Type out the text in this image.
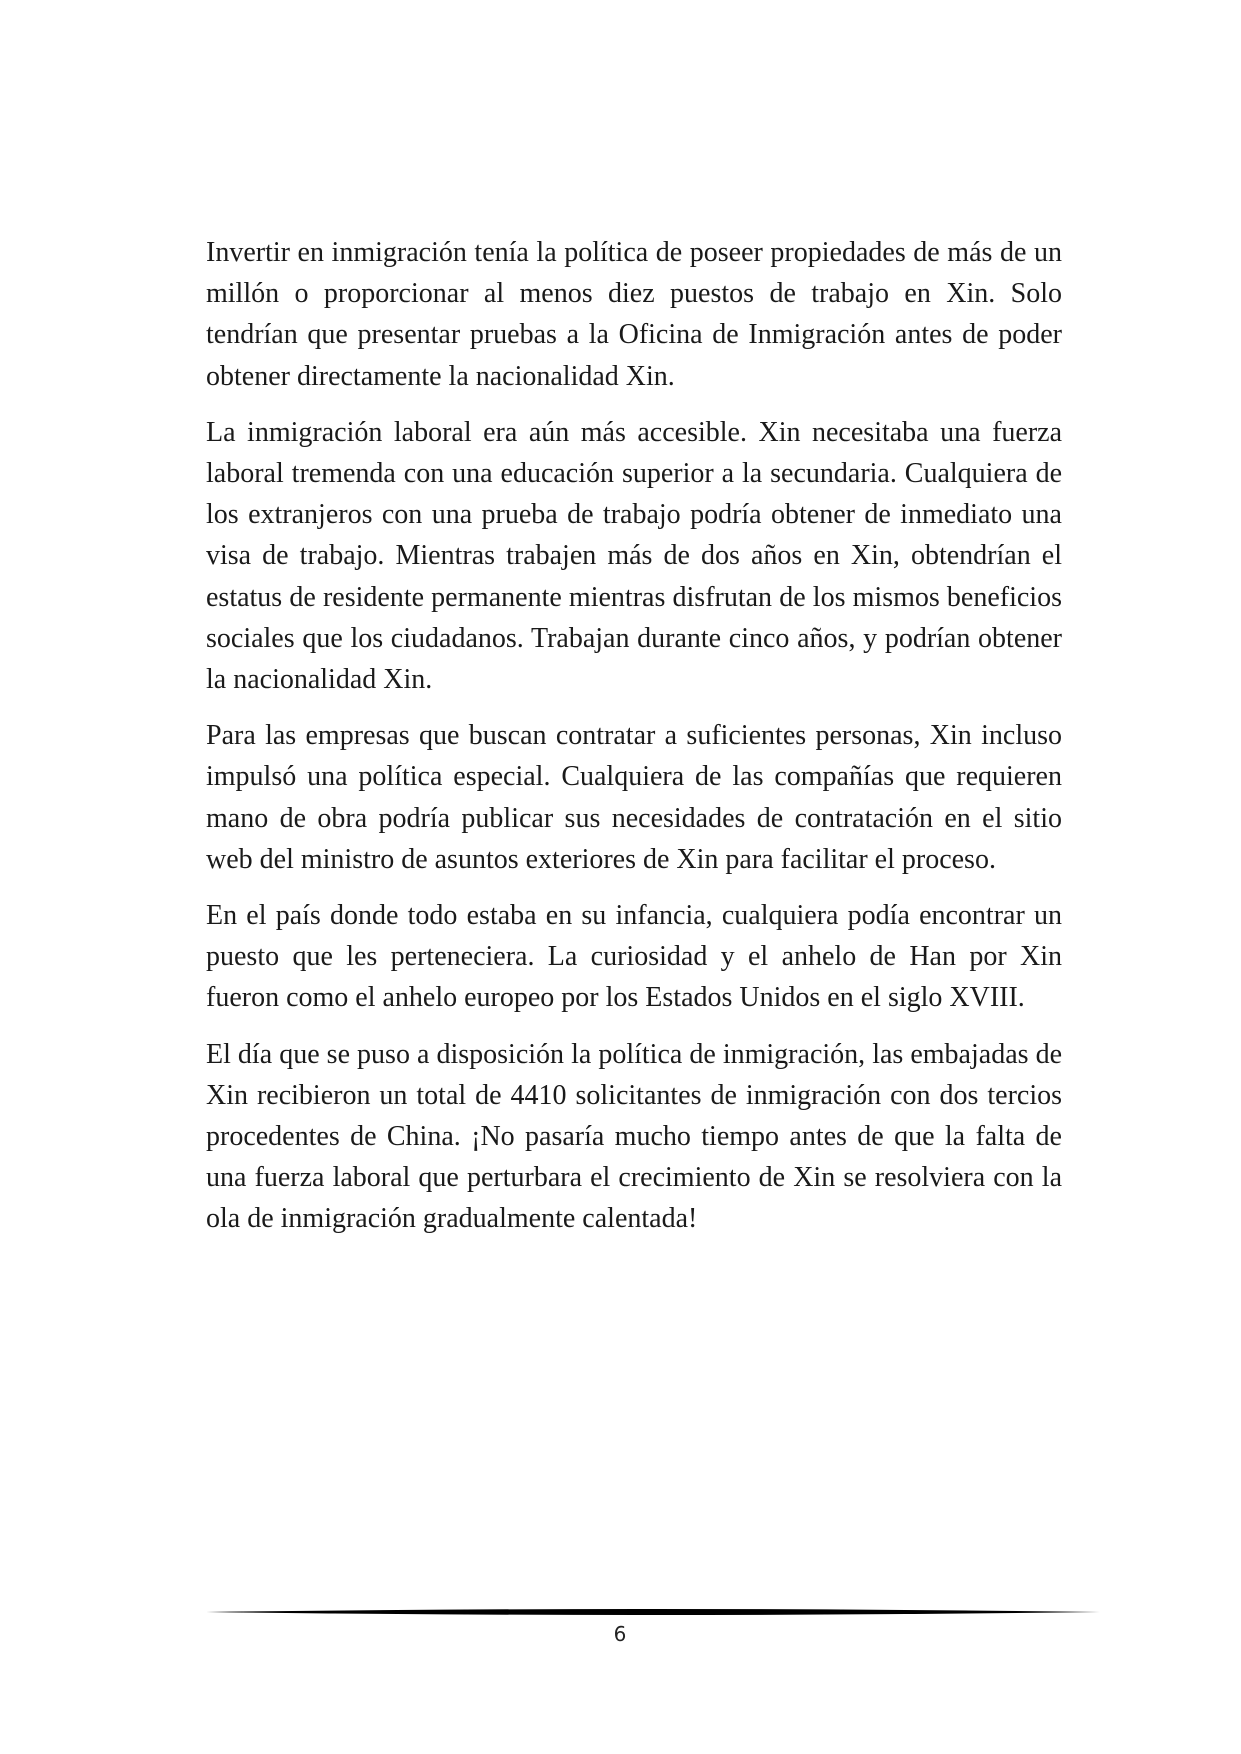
Invertir en inmigración tenía la política de poseer propiedades de más de un millón o proporcionar al menos diez puestos de trabajo en Xin. Solo tendrían que presentar pruebas a la Oficina de Inmigración antes de poder obtener directamente la nacionalidad Xin.

La inmigración laboral era aún más accesible. Xin necesitaba una fuerza laboral tremenda con una educación superior a la secundaria. Cualquiera de los extranjeros con una prueba de trabajo podría obtener de inmediato una visa de trabajo. Mientras trabajen más de dos años en Xin, obtendrían el estatus de residente permanente mientras disfrutan de los mismos beneficios sociales que los ciudadanos. Trabajan durante cinco años, y podrían obtener la nacionalidad Xin.

Para las empresas que buscan contratar a suficientes personas, Xin incluso impulsó una política especial. Cualquiera de las compañías que requieren mano de obra podría publicar sus necesidades de contratación en el sitio web del ministro de asuntos exteriores de Xin para facilitar el proceso.

En el país donde todo estaba en su infancia, cualquiera podía encontrar un puesto que les perteneciera. La curiosidad y el anhelo de Han por Xin fueron como el anhelo europeo por los Estados Unidos en el siglo XVIII.

El día que se puso a disposición la política de inmigración, las embajadas de Xin recibieron un total de 4410 solicitantes de inmigración con dos tercios procedentes de China. ¡No pasaría mucho tiempo antes de que la falta de una fuerza laboral que perturbara el crecimiento de Xin se resolviera con la ola de inmigración gradualmente calentada!

6
